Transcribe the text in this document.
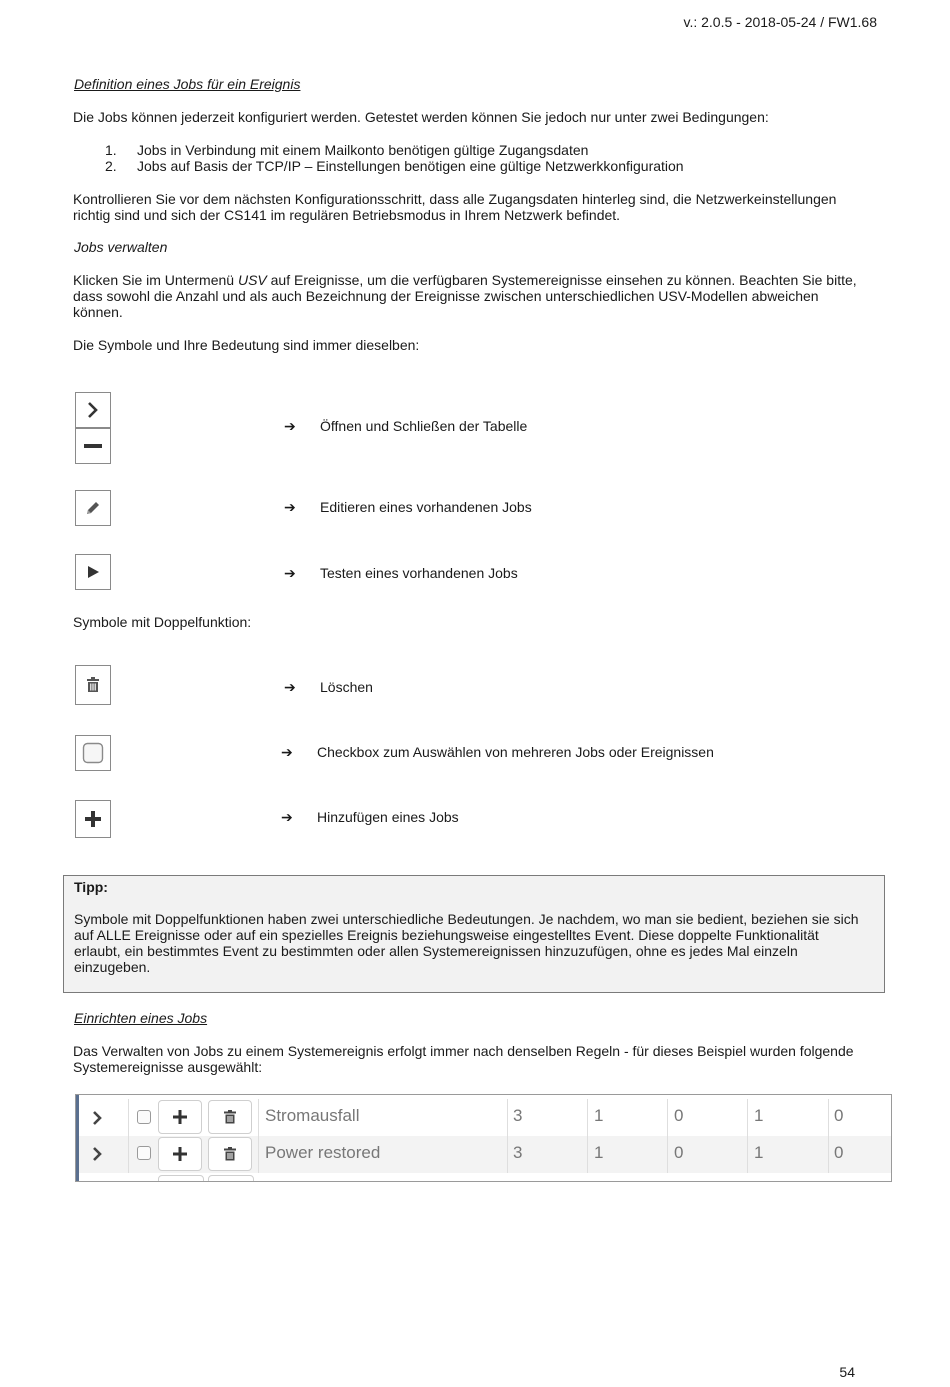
v.: 2.0.5 - 2018-05-24 / FW1.68
Definition eines Jobs für ein Ereignis

Die Jobs können jederzeit konfiguriert werden. Getestet werden können Sie jedoch nur unter zwei Bedingungen:

1. Jobs in Verbindung mit einem Mailkonto benötigen gültige Zugangsdaten
2. Jobs auf Basis der TCP/IP – Einstellungen benötigen eine gültige Netzwerkkonfiguration
Kontrollieren Sie vor dem nächsten Konfigurationsschritt, dass alle Zugangsdaten hinterleg sind, die Netzwerkeinstellungen
richtig sind und sich der CS141 im regulären Betriebsmodus in Ihrem Netzwerk befindet.
Jobs verwalten
Klicken Sie im Untermenü USV auf Ereignisse, um die verfügbaren Systemereignisse einsehen zu können. Beachten Sie bitte,
dass sowohl die Anzahl und als auch Bezeichnung der Ereignisse zwischen unterschiedlichen USV-Modellen abweichen
können.
Die Symbole und Ihre Bedeutung sind immer dieselben:
➔ Öffnen und Schließen der Tabelle
➔ Editieren eines vorhandenen Jobs
➔ Testen eines vorhandenen Jobs
Symbole mit Doppelfunktion:
➔ Löschen
➔ Checkbox zum Auswählen von mehreren Jobs oder Ereignissen
➔ Hinzufügen eines Jobs
Tipp:
Symbole mit Doppelfunktionen haben zwei unterschiedliche Bedeutungen. Je nachdem, wo man sie bedient, beziehen sie sich
auf ALLE Ereignisse oder auf ein spezielles Ereignis beziehungsweise eingestelltes Event. Diese doppelte Funktionalität
erlaubt, ein bestimmtes Event zu bestimmten oder allen Systemereignissen hinzuzufügen, ohne es jedes Mal einzeln
einzugeben.
Einrichten eines Jobs
Das Verwalten von Jobs zu einem Systemereignis erfolgt immer nach denselben Regeln - für dieses Beispiel wurden folgende
Systemereignisse ausgewählt:
Stromausfall	3	1	0	1	0
Power restored	3	1	0	1	0
54
